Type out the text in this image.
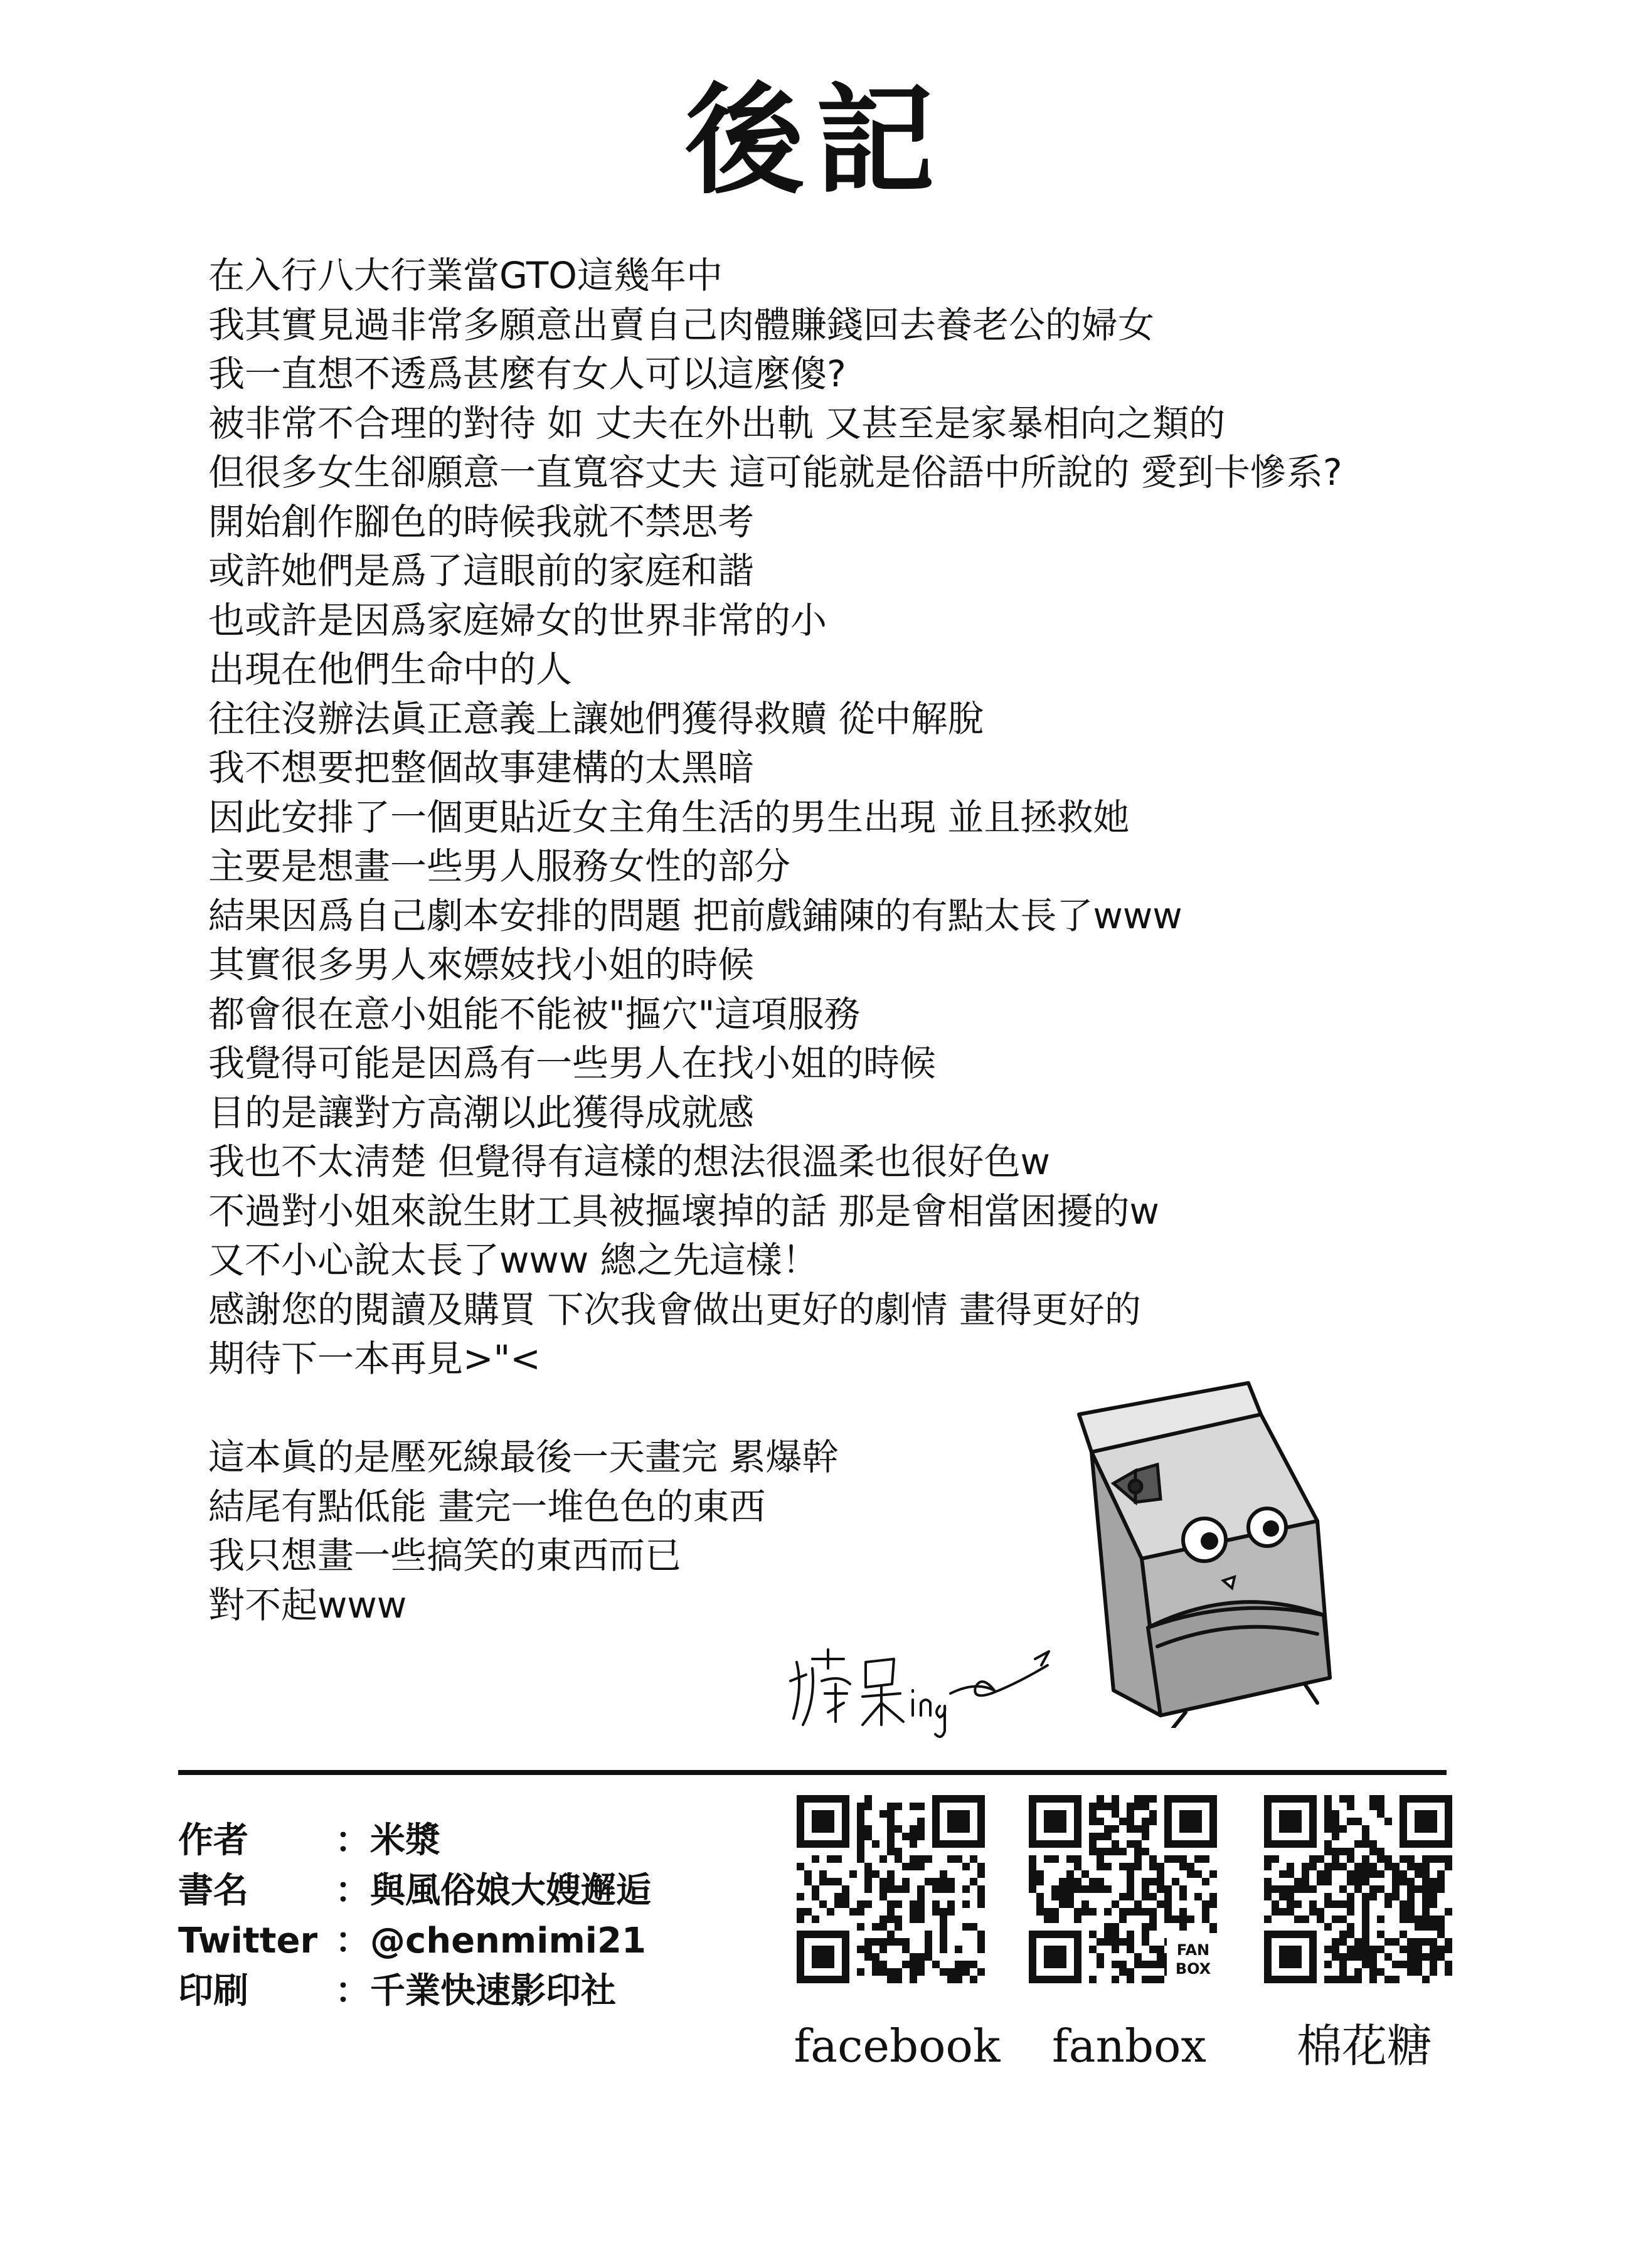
後記
在入行八大行業當GTO這幾年中
我其實見過非常多願意出賣自己肉體賺錢回去養老公的婦女
我一直想不透爲甚麼有女人可以這麼傻?
被非常不合理的對待 如 丈夫在外出軌 又甚至是家暴相向之類的
但很多女生卻願意一直寬容丈夫 這可能就是俗語中所說的 愛到卡慘系?
開始創作腳色的時候我就不禁思考
或許她們是爲了這眼前的家庭和諧
也或許是因爲家庭婦女的世界非常的小
出現在他們生命中的人
往往沒辦法眞正意義上讓她們獲得救贖 從中解脫
我不想要把整個故事建構的太黑暗
因此安排了一個更貼近女主角生活的男生出現 並且拯救她
主要是想畫一些男人服務女性的部分
結果因爲自己劇本安排的問題 把前戲鋪陳的有點太長了www
其實很多男人來嫖妓找小姐的時候
都會很在意小姐能不能被"摳穴"這項服務
我覺得可能是因爲有一些男人在找小姐的時候
目的是讓對方高潮以此獲得成就感
我也不太淸楚 但覺得有這樣的想法很溫柔也很好色w
不過對小姐來說生財工具被摳壞掉的話 那是會相當困擾的w
又不小心說太長了www 總之先這樣！
感謝您的閱讀及購買 下次我會做出更好的劇情 畫得更好的
期待下一本再見>"<
這本眞的是壓死線最後一天畫完 累爆幹
結尾有點低能 畫完一堆色色的東西
我只想畫一些搞笑的東西而已
對不起www
作者	：米漿
書名	：與風俗娘大嫂邂逅
Twitter ：@chenmimi21
印刷	：千業快速影印社
facebook
FAN
BOX
fanbox	棉花糖
